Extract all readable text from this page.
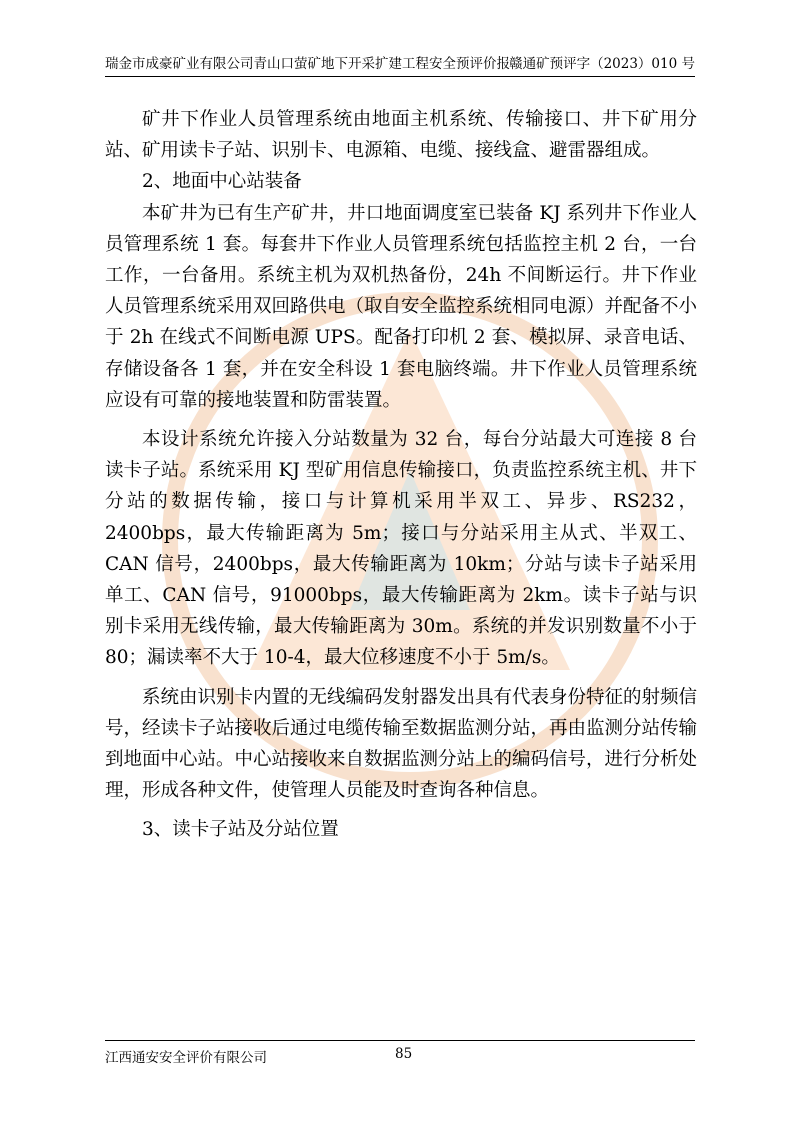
瑞金市成豪矿业有限公司青山口萤矿地下开采扩建工程安全预评价报 赣通矿预评字（2023）010 号

矿井下作业人员管理系统由地面主机系统、传输接口、井下矿用分站、矿用读卡子站、识别卡、电源箱、电缆、接线盒、避雷器组成。

2、地面中心站装备

本矿井为已有生产矿井，井口地面调度室已装备 KJ 系列井下作业人员管理系统 1 套。每套井下作业人员管理系统包括监控主机 2 台，一台工作，一台备用。系统主机为双机热备份，24h 不间断运行。井下作业人员管理系统采用双回路供电（取自安全监控系统相同电源）并配备不小于 2h 在线式不间断电源 UPS。配备打印机 2 套、模拟屏、录音电话、存储设备各 1 套，并在安全科设 1 套电脑终端。井下作业人员管理系统应设有可靠的接地装置和防雷装置。

本设计系统允许接入分站数量为 32 台，每台分站最大可连接 8 台读卡子站。系统采用 KJ 型矿用信息传输接口，负责监控系统主机、井下分站的数据传输，接口与计算机采用半双工、异步、RS232，2400bps，最大传输距离为 5m；接口与分站采用主从式、半双工、CAN 信号，2400bps，最大传输距离为 10km；分站与读卡子站采用单工、CAN 信号，91000bps，最大传输距离为 2km。读卡子站与识别卡采用无线传输，最大传输距离为 30m。系统的并发识别数量不小于 80；漏读率不大于 10-4，最大位移速度不小于 5m/s。

系统由识别卡内置的无线编码发射器发出具有代表身份特征的射频信号，经读卡子站接收后通过电缆传输至数据监测分站，再由监测分站传输到地面中心站。中心站接收来自数据监测分站上的编码信号，进行分析处理，形成各种文件，使管理人员能及时查询各种信息。

3、读卡子站及分站位置

江西通安安全评价有限公司	85
